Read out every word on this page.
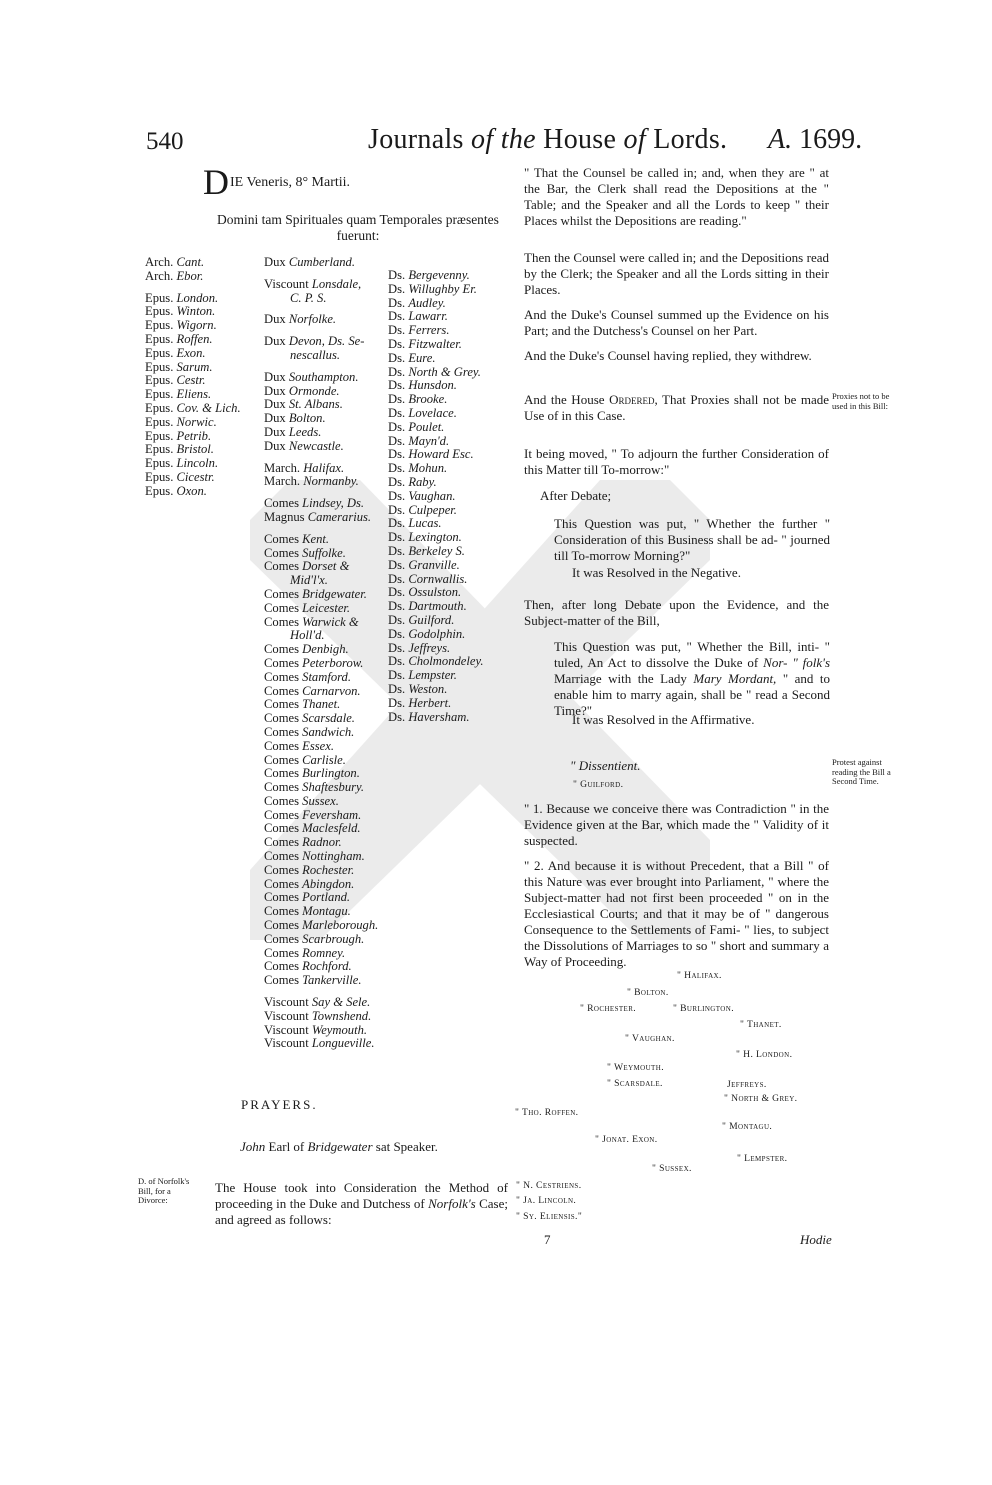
540	Journals of the House of Lords. A. 1699.
DIE Veneris, 8° Martii.
Domini tam Spirituales quam Temporales præsentes fuerunt:
Arch. Cant.
Arch. Ebor.
Epus. London.
Epus. Winton.
Epus. Wigorn.
Epus. Roffen.
Epus. Exon.
Epus. Sarum.
Epus. Cestr.
Epus. Eliens.
Epus. Cov. & Lich.
Epus. Norwic.
Epus. Petrib.
Epus. Bristol.
Epus. Lincoln.
Epus. Cicestr.
Epus. Oxon.
Dux Cumberland.
Viscount Lonsdale,
C. P. S.
Dux Norfolke.
Dux Devon, Ds. Se-
nescallus.
Dux Southampton.
Dux Ormonde.
Dux St. Albans.
Dux Bolton.
Dux Leeds.
Dux Newcastle.
March. Halifax.
March. Normanby.
Comes Lindsey, Ds.
Magnus Camerarius.
Comes Kent.
Comes Suffolke.
Comes Dorset &
Mid'l'x.
Comes Bridgewater.
Comes Leicester.
Comes Warwick &
Holl'd.
Comes Denbigh.
Comes Peterborow.
Comes Stamford.
Comes Carnarvon.
Comes Thanet.
Comes Scarsdale.
Comes Sandwich.
Comes Essex.
Comes Carlisle.
Comes Burlington.
Comes Shaftesbury.
Comes Sussex.
Comes Feversham.
Comes Maclesfeld.
Comes Radnor.
Comes Nottingham.
Comes Rochester.
Comes Abingdon.
Comes Portland.
Comes Montagu.
Comes Marleborough.
Comes Scarbrough.
Comes Romney.
Comes Rochford.
Comes Tankerville.
Viscount Say & Sele.
Viscount Townshend.
Viscount Weymouth.
Viscount Longueville.
Ds. Bergevenny.
Ds. Willughby Er.
Ds. Audley.
Ds. Lawarr.
Ds. Ferrers.
Ds. Fitzwalter.
Ds. Eure.
Ds. North & Grey.
Ds. Hunsdon.
Ds. Brooke.
Ds. Lovelace.
Ds. Poulet.
Ds. Mayn'd.
Ds. Howard Esc.
Ds. Mohun.
Ds. Raby.
Ds. Vaughan.
Ds. Culpeper.
Ds. Lucas.
Ds. Lexington.
Ds. Berkeley S.
Ds. Granville.
Ds. Cornwallis.
Ds. Ossulston.
Ds. Dartmouth.
Ds. Guilford.
Ds. Godolphin.
Ds. Jeffreys.
Ds. Cholmondeley.
Ds. Lempster.
Ds. Weston.
Ds. Herbert.
Ds. Haversham.
PRAYERS.
John Earl of Bridgewater sat Speaker.
D. of Norfolk's Bill, for a Divorce:
The House took into Consideration the Method of proceeding in the Duke and Dutchess of Norfolk's Case; and agreed as follows:
" That the Counsel be called in; and, when they are " at the Bar, the Clerk shall read the Depositions at the " Table; and the Speaker and all the Lords to keep " their Places whilst the Depositions are reading."
Then the Counsel were called in; and the Depositions read by the Clerk; the Speaker and all the Lords sitting in their Places.
And the Duke's Counsel summed up the Evidence on his Part; and the Dutchess's Counsel on her Part.
And the Duke's Counsel having replied, they withdrew.
And the House Ordered, That Proxies shall not be made Use of in this Case.
Proxies not to be used in this Bill:
It being moved, " To adjourn the further Consideration of this Matter till To-morrow:"
After Debate;
This Question was put, " Whether the further " Consideration of this Business shall be ad- " journed till To-morrow Morning?"
It was Resolved in the Negative.
Then, after long Debate upon the Evidence, and the Subject-matter of the Bill,
This Question was put, " Whether the Bill, inti- " tuled, An Act to dissolve the Duke of Nor- " folk's Marriage with the Lady Mary Mordant, " and to enable him to marry again, shall be " read a Second Time?"
It was Resolved in the Affirmative.
" Dissentient.
" Guilford.
Protest against reading the Bill a Second Time.
" 1. Because we conceive there was Contradiction " in the Evidence given at the Bar, which made the " Validity of it suspected.
" 2. And because it is without Precedent, that a Bill " of this Nature was ever brought into Parliament, " where the Subject-matter had not first been proceeded " on in the Ecclesiastical Courts; and that it may be of " dangerous Consequence to the Settlements of Fami- " lies, to subject the Dissolutions of Marriages to so " short and summary a Way of Proceeding.
" Halifax.
" Bolton.
" Rochester.	" Burlington.
" Thanet.
" Vaughan.
" H. London.
" Weymouth.
" Scarsdale.	Jeffreys.
" North & Grey.
" Tho. Roffen.
" Montagu.
" Jonat. Exon.
" Lempster.
" Sussex.
" N. Cestriens.
" Ja. Lincoln.
" Sy. Eliensis."
7	Hodie
